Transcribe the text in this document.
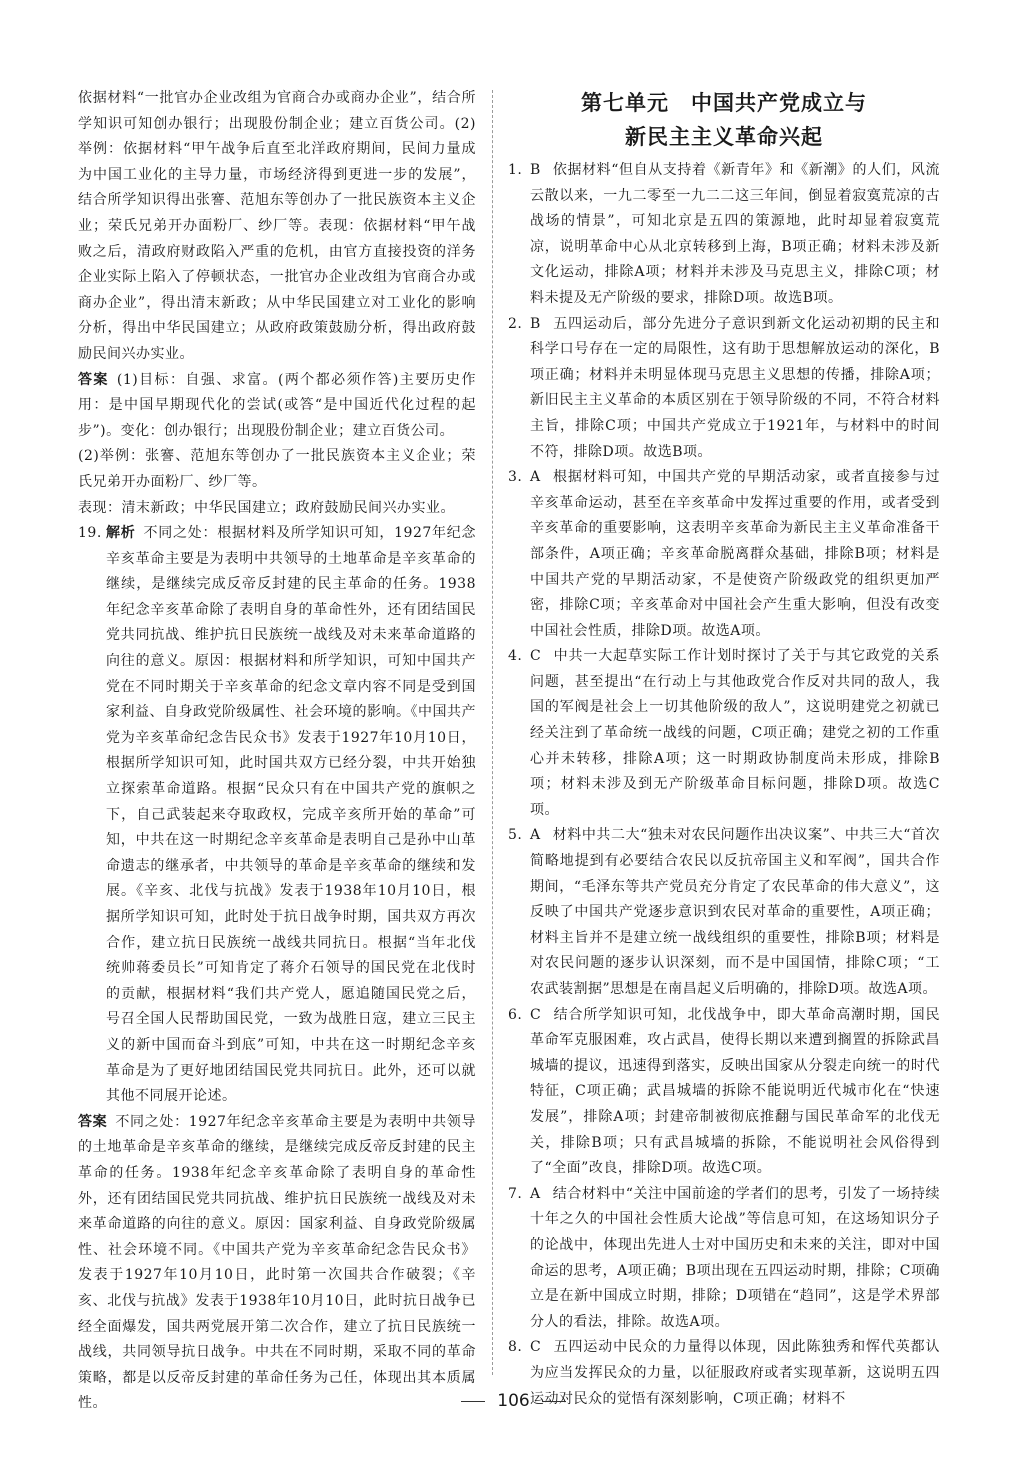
依据材料“一批官办企业改组为官商合办或商办企业”，结合所学知识可知创办银行；出现股份制企业；建立百货公司。(2)举例：依据材料“甲午战争后直至北洋政府期间，民间力量成为中国工业化的主导力量，市场经济得到更进一步的发展”，结合所学知识得出张謇、范旭东等创办了一批民族资本主义企业；荣氏兄弟开办面粉厂、纱厂等。表现：依据材料“甲午战败之后，清政府财政陷入严重的危机，由官方直接投资的洋务企业实际上陷入了停顿状态，一批官办企业改组为官商合办或商办企业”，得出清末新政；从中华民国建立对工业化的影响分析，得出中华民国建立；从政府政策鼓励分析，得出政府鼓励民间兴办实业。

答案 (1)目标：自强、求富。(两个都必须作答)主要历史作用：是中国早期现代化的尝试(或答“是中国近代化过程的起步”)。变化：创办银行；出现股份制企业；建立百货公司。

(2)举例：张謇、范旭东等创办了一批民族资本主义企业；荣氏兄弟开办面粉厂、纱厂等。

表现：清末新政；中华民国建立；政府鼓励民间兴办实业。

19. 解析 不同之处：根据材料及所学知识可知，1927年纪念辛亥革命主要是为表明中共领导的土地革命是辛亥革命的继续，是继续完成反帝反封建的民主革命的任务。1938年纪念辛亥革命除了表明自身的革命性外，还有团结国民党共同抗战、维护抗日民族统一战线及对未来革命道路的向往的意义。原因：根据材料和所学知识，可知中国共产党在不同时期关于辛亥革命的纪念文章内容不同是受到国家利益、自身政党阶级属性、社会环境的影响。《中国共产党为辛亥革命纪念告民众书》发表于1927年10月10日，根据所学知识可知，此时国共双方已经分裂，中共开始独立探索革命道路。根据“民众只有在中国共产党的旗帜之下，自己武装起来夺取政权，完成辛亥所开始的革命”可知，中共在这一时期纪念辛亥革命是表明自己是孙中山革命遗志的继承者，中共领导的革命是辛亥革命的继续和发展。《辛亥、北伐与抗战》发表于1938年10月10日，根据所学知识可知，此时处于抗日战争时期，国共双方再次合作，建立抗日民族统一战线共同抗日。根据“当年北伐统帅蒋委员长”可知肯定了蒋介石领导的国民党在北伐时的贡献，根据材料“我们共产党人，愿追随国民党之后，号召全国人民帮助国民党，一致为战胜日寇，建立三民主义的新中国而奋斗到底”可知，中共在这一时期纪念辛亥革命是为了更好地团结国民党共同抗日。此外，还可以就其他不同展开论述。

答案 不同之处：1927年纪念辛亥革命主要是为表明中共领导的土地革命是辛亥革命的继续，是继续完成反帝反封建的民主革命的任务。1938年纪念辛亥革命除了表明自身的革命性外，还有团结国民党共同抗战、维护抗日民族统一战线及对未来革命道路的向往的意义。原因：国家利益、自身政党阶级属性、社会环境不同。《中国共产党为辛亥革命纪念告民众书》发表于1927年10月10日，此时第一次国共合作破裂；《辛亥、北伐与抗战》发表于1938年10月10日，此时抗日战争已经全面爆发，国共两党展开第二次合作，建立了抗日民族统一战线，共同领导抗日战争。中共在不同时期，采取不同的革命策略，都是以反帝反封建的革命任务为己任，体现出其本质属性。

第七单元 中国共产党成立与
新民主主义革命兴起
1. B 依据材料“但自从支持着《新青年》和《新潮》的人们，风流云散以来，一九二零至一九二二这三年间，倒显着寂寞荒凉的古战场的情景”，可知北京是五四的策源地，此时却显着寂寞荒凉，说明革命中心从北京转移到上海，B项正确；材料未涉及新文化运动，排除A项；材料并未涉及马克思主义，排除C项；材料未提及无产阶级的要求，排除D项。故选B项。
2. B 五四运动后，部分先进分子意识到新文化运动初期的民主和科学口号存在一定的局限性，这有助于思想解放运动的深化，B项正确；材料并未明显体现马克思主义思想的传播，排除A项；新旧民主主义革命的本质区别在于领导阶级的不同，不符合材料主旨，排除C项；中国共产党成立于1921年，与材料中的时间不符，排除D项。故选B项。
3. A 根据材料可知，中国共产党的早期活动家，或者直接参与过辛亥革命运动，甚至在辛亥革命中发挥过重要的作用，或者受到辛亥革命的重要影响，这表明辛亥革命为新民主主义革命准备干部条件，A项正确；辛亥革命脱离群众基础，排除B项；材料是中国共产党的早期活动家，不是使资产阶级政党的组织更加严密，排除C项；辛亥革命对中国社会产生重大影响，但没有改变中国社会性质，排除D项。故选A项。
4. C 中共一大起草实际工作计划时探讨了关于与其它政党的关系问题，甚至提出“在行动上与其他政党合作反对共同的敌人，我国的军阀是社会上一切其他阶级的敌人”，这说明建党之初就已经关注到了革命统一战线的问题，C项正确；建党之初的工作重心并未转移，排除A项；这一时期政协制度尚未形成，排除B项；材料未涉及到无产阶级革命目标问题，排除D项。故选C项。
5. A 材料中共二大“独未对农民问题作出决议案”、中共三大“首次简略地提到有必要结合农民以反抗帝国主义和军阀”，国共合作期间，“毛泽东等共产党员充分肯定了农民革命的伟大意义”，这反映了中国共产党逐步意识到农民对革命的重要性，A项正确；材料主旨并不是建立统一战线组织的重要性，排除B项；材料是对农民问题的逐步认识深刻，而不是中国国情，排除C项；“工农武装割据”思想是在南昌起义后明确的，排除D项。故选A项。
6. C 结合所学知识可知，北伐战争中，即大革命高潮时期，国民革命军克服困难，攻占武昌，使得长期以来遭到搁置的拆除武昌城墙的提议，迅速得到落实，反映出国家从分裂走向统一的时代特征，C项正确；武昌城墙的拆除不能说明近代城市化在“快速发展”，排除A项；封建帝制被彻底推翻与国民革命军的北伐无关，排除B项；只有武昌城墙的拆除，不能说明社会风俗得到了“全面”改良，排除D项。故选C项。
7. A 结合材料中“关注中国前途的学者们的思考，引发了一场持续十年之久的中国社会性质大论战”等信息可知，在这场知识分子的论战中，体现出先进人士对中国历史和未来的关注，即对中国命运的思考，A项正确；B项出现在五四运动时期，排除；C项确立是在新中国成立时期，排除；D项错在“趋同”，这是学术界部分人的看法，排除。故选A项。
8. C 五四运动中民众的力量得以体现，因此陈独秀和恽代英都认为应当发挥民众的力量，以征服政府或者实现革新，这说明五四运动对民众的觉悟有深刻影响，C项正确；材料不
106
